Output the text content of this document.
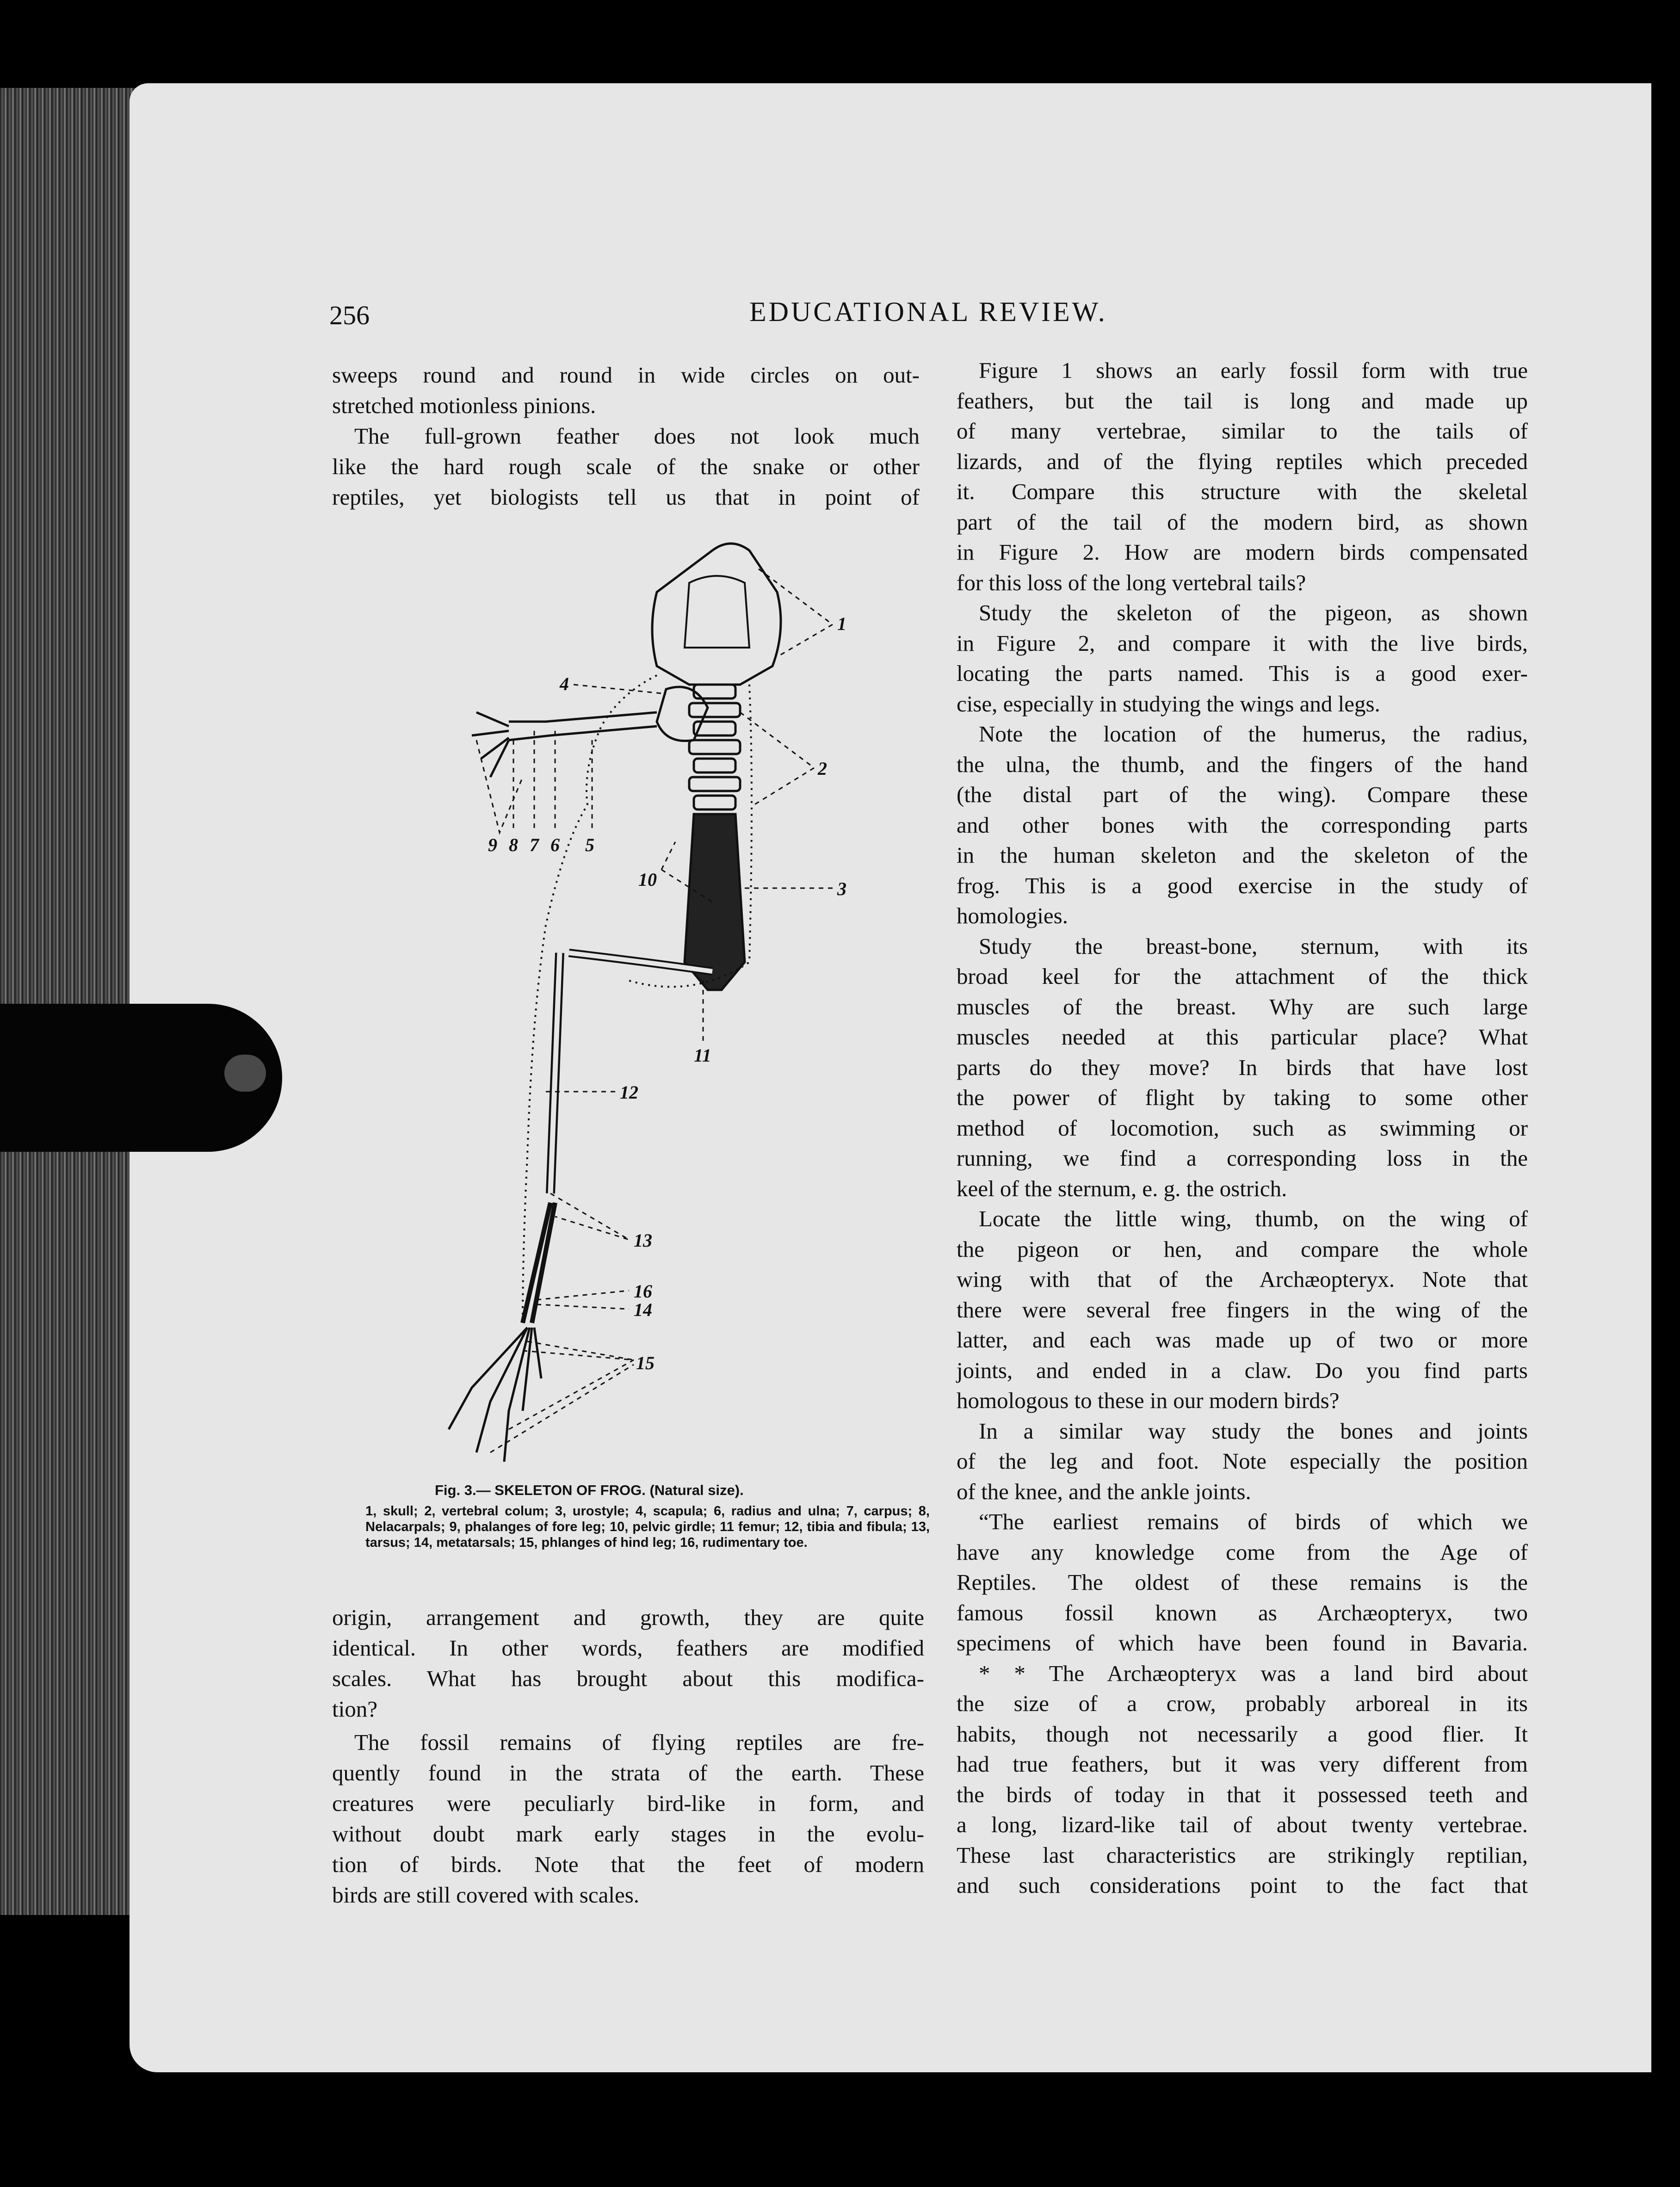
256	EDUCATIONAL REVIEW.

sweeps round and round in wide circles on out-

stretched motionless pinions.

The full-grown feather does not look much

like the hard rough scale of the snake or other

reptiles, yet biologists tell us that in point of

1
2
3
4
5
6
7
8
9
10
11
12
13
16
14
15
Fig. 3.— SKELETON OF FROG. (Natural size).
1, skull; 2, vertebral colum; 3, urostyle; 4, scapula; 6, radius and ulna; 7, carpus; 8, Nelacarpals; 9, phalanges of fore leg; 10, pelvic girdle; 11 femur; 12, tibia and fibula; 13, tarsus; 14, metatarsals; 15, phlanges of hind leg; 16, rudimentary toe.

origin, arrangement and growth, they are quite

identical. In other words, feathers are modified

scales. What has brought about this modifica-

tion?

The fossil remains of flying reptiles are fre-

quently found in the strata of the earth. These

creatures were peculiarly bird-like in form, and

without doubt mark early stages in the evolu-

tion of birds. Note that the feet of modern

birds are still covered with scales.

Figure 1 shows an early fossil form with true

feathers, but the tail is long and made up

of many vertebrae, similar to the tails of

lizards, and of the flying reptiles which preceded

it. Compare this structure with the skeletal

part of the tail of the modern bird, as shown

in Figure 2. How are modern birds compensated

for this loss of the long vertebral tails?

Study the skeleton of the pigeon, as shown

in Figure 2, and compare it with the live birds,

locating the parts named. This is a good exer-

cise, especially in studying the wings and legs.

Note the location of the humerus, the radius,

the ulna, the thumb, and the fingers of the hand

(the distal part of the wing). Compare these

and other bones with the corresponding parts

in the human skeleton and the skeleton of the

frog. This is a good exercise in the study of

homologies.

Study the breast-bone, sternum, with its

broad keel for the attachment of the thick

muscles of the breast. Why are such large

muscles needed at this particular place? What

parts do they move? In birds that have lost

the power of flight by taking to some other

method of locomotion, such as swimming or

running, we find a corresponding loss in the

keel of the sternum, e. g. the ostrich.

Locate the little wing, thumb, on the wing of

the pigeon or hen, and compare the whole

wing with that of the Archæopteryx. Note that

there were several free fingers in the wing of the

latter, and each was made up of two or more

joints, and ended in a claw. Do you find parts

homologous to these in our modern birds?

In a similar way study the bones and joints

of the leg and foot. Note especially the position

of the knee, and the ankle joints.

“The earliest remains of birds of which we

have any knowledge come from the Age of

Reptiles. The oldest of these remains is the

famous fossil known as Archæopteryx, two

specimens of which have been found in Bavaria.

* * The Archæopteryx was a land bird about

the size of a crow, probably arboreal in its

habits, though not necessarily a good flier. It

had true feathers, but it was very different from

the birds of today in that it possessed teeth and

a long, lizard-like tail of about twenty vertebrae.

These last characteristics are strikingly reptilian,

and such considerations point to the fact that
